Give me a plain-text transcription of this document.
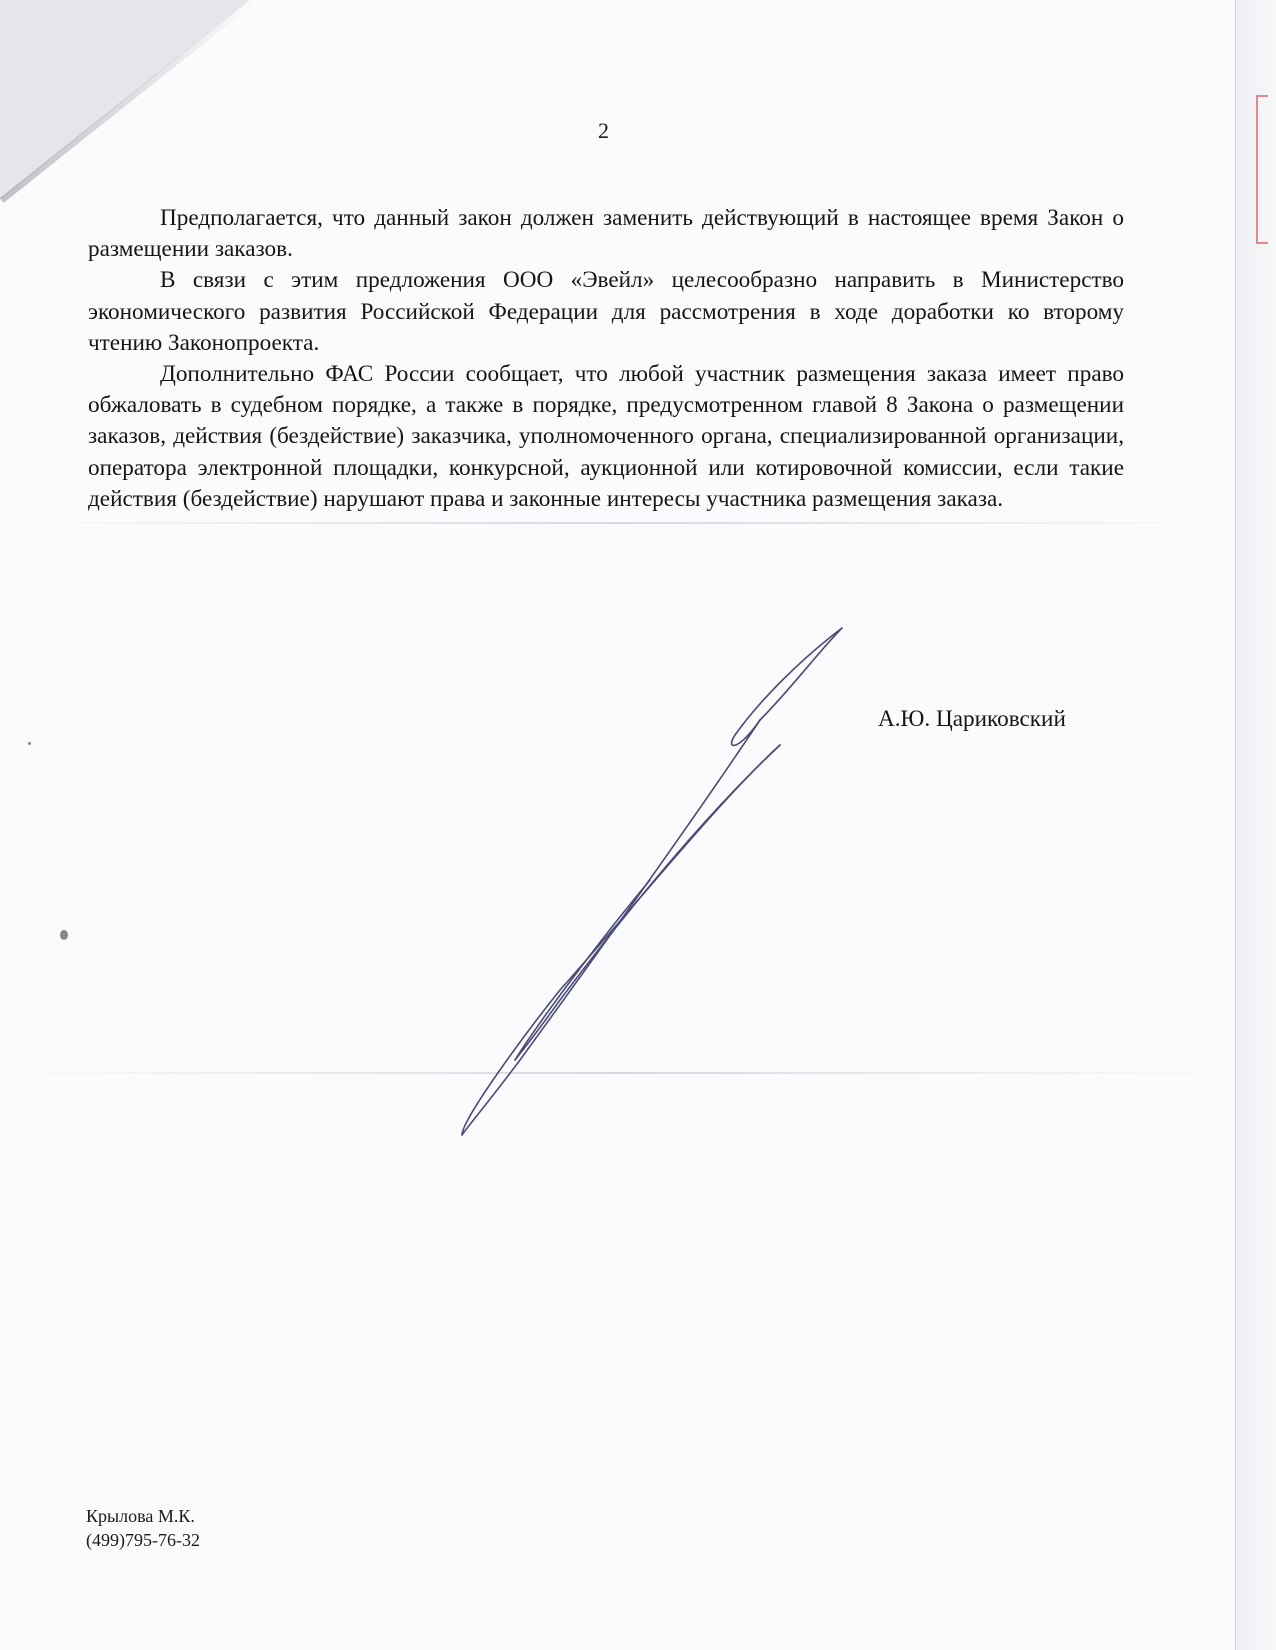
2

Предполагается, что данный закон должен заменить действующий в настоящее время Закон о размещении заказов.

В связи с этим предложения ООО «Эвейл» целесообразно направить в Министерство экономического развития Российской Федерации для рассмотрения в ходе доработки ко второму чтению Законопроекта.

Дополнительно ФАС России сообщает, что любой участник размещения заказа имеет право обжаловать в судебном порядке, а также в порядке, предусмотренном главой 8 Закона о размещении заказов, действия (бездействие) заказчика, уполномоченного органа, специализированной организации, оператора электронной площадки, конкурсной, аукционной или котировочной комиссии, если такие действия (бездействие) нарушают права и законные интересы участника размещения заказа.

А.Ю. Цариковский
Крылова М.К.
(499)795-76-32
